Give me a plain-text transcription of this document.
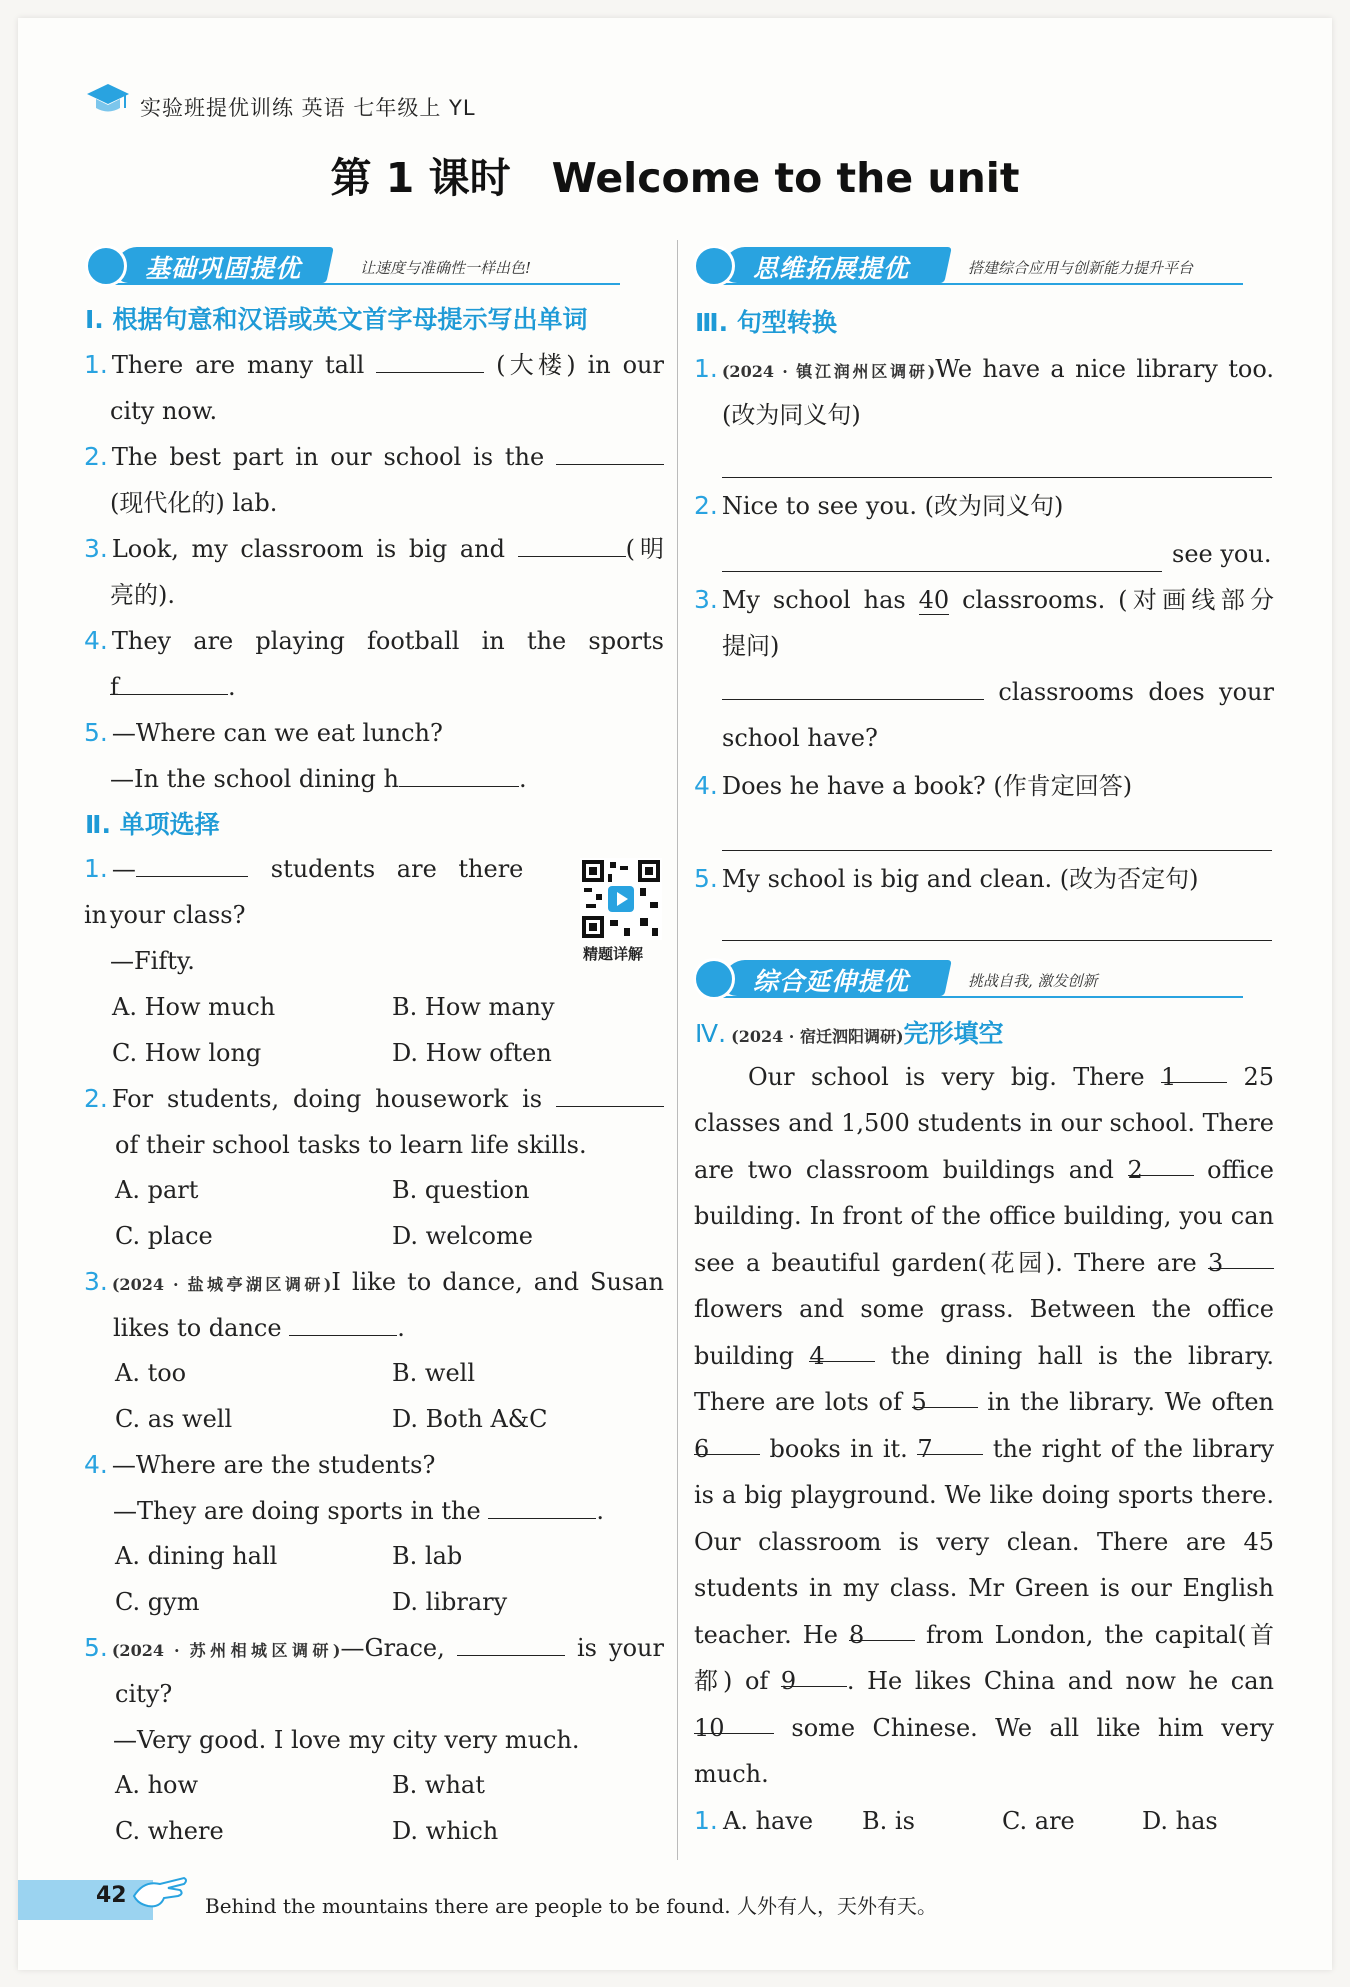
实验班提优训练 英语 七年级上 YL
第 1 课时　Welcome to the unit
基础巩固提优	让速度与准确性一样出色!
Ⅰ. 根据句意和汉语或英文首字母提示写出单词
1. There are many tall	(大楼) in our
city now.
2. The best part in our school is the
(现代化的) lab.
3. Look, my classroom is big and	(明
亮的).
4. They are playing football in the sports
f	.
5. —Where can we eat lunch?
—In the school dining h	.
Ⅱ. 单项选择
精题详解
1. —	students are there in your class?
—Fifty.
A. How much	B. How many
C. How long	D. How often
2. For students, doing housework is
of their school tasks to learn life skills.
A. part	B. question
C. place	D. welcome
3. (2024 · 盐城亭湖区调研)I like to dance, and Susan
likes to dance	.
A. too	B. well
C. as well	D. Both A&C
4. —Where are the students?
—They are doing sports in the	.
A. dining hall	B. lab
C. gym	D. library
5. (2024 · 苏州相城区调研)—Grace,	is your
city?
—Very good. I love my city very much.
A. how	B. what
C. where	D. which
思维拓展提优	搭建综合应用与创新能力提升平台
Ⅲ. 句型转换
1. (2024 · 镇江润州区调研)We have a nice library too.
(改为同义句)
2. Nice to see you. (改为同义句)
see you.
3. My school has 40 classrooms. (对画线部分
提问)
classrooms does your
school have?
4. Does he have a book? (作肯定回答)
5. My school is big and clean. (改为否定句)
综合延伸提优	挑战自我, 激发创新
Ⅳ. (2024 · 宿迁泗阳调研)完形填空
Our school is very big. There 1	25
classes and 1,500 students in our school. There
are two classroom buildings and 2	office
building. In front of the office building, you can
see a beautiful garden(花园). There are 3
flowers and some grass. Between the office
building 4	the dining hall is the library.
There are lots of 5	in the library. We often
6	books in it. 7	the right of the library
is a big playground. We like doing sports there.
Our classroom is very clean. There are 45
students in my class. Mr Green is our English
teacher. He 8	from London, the capital(首
都) of 9 . He likes China and now he can
10	some Chinese. We all like him very
much.
1. A. have B. is	C. are	D. has
42	Behind the mountains there are people to be found. 人外有人，天外有天。
